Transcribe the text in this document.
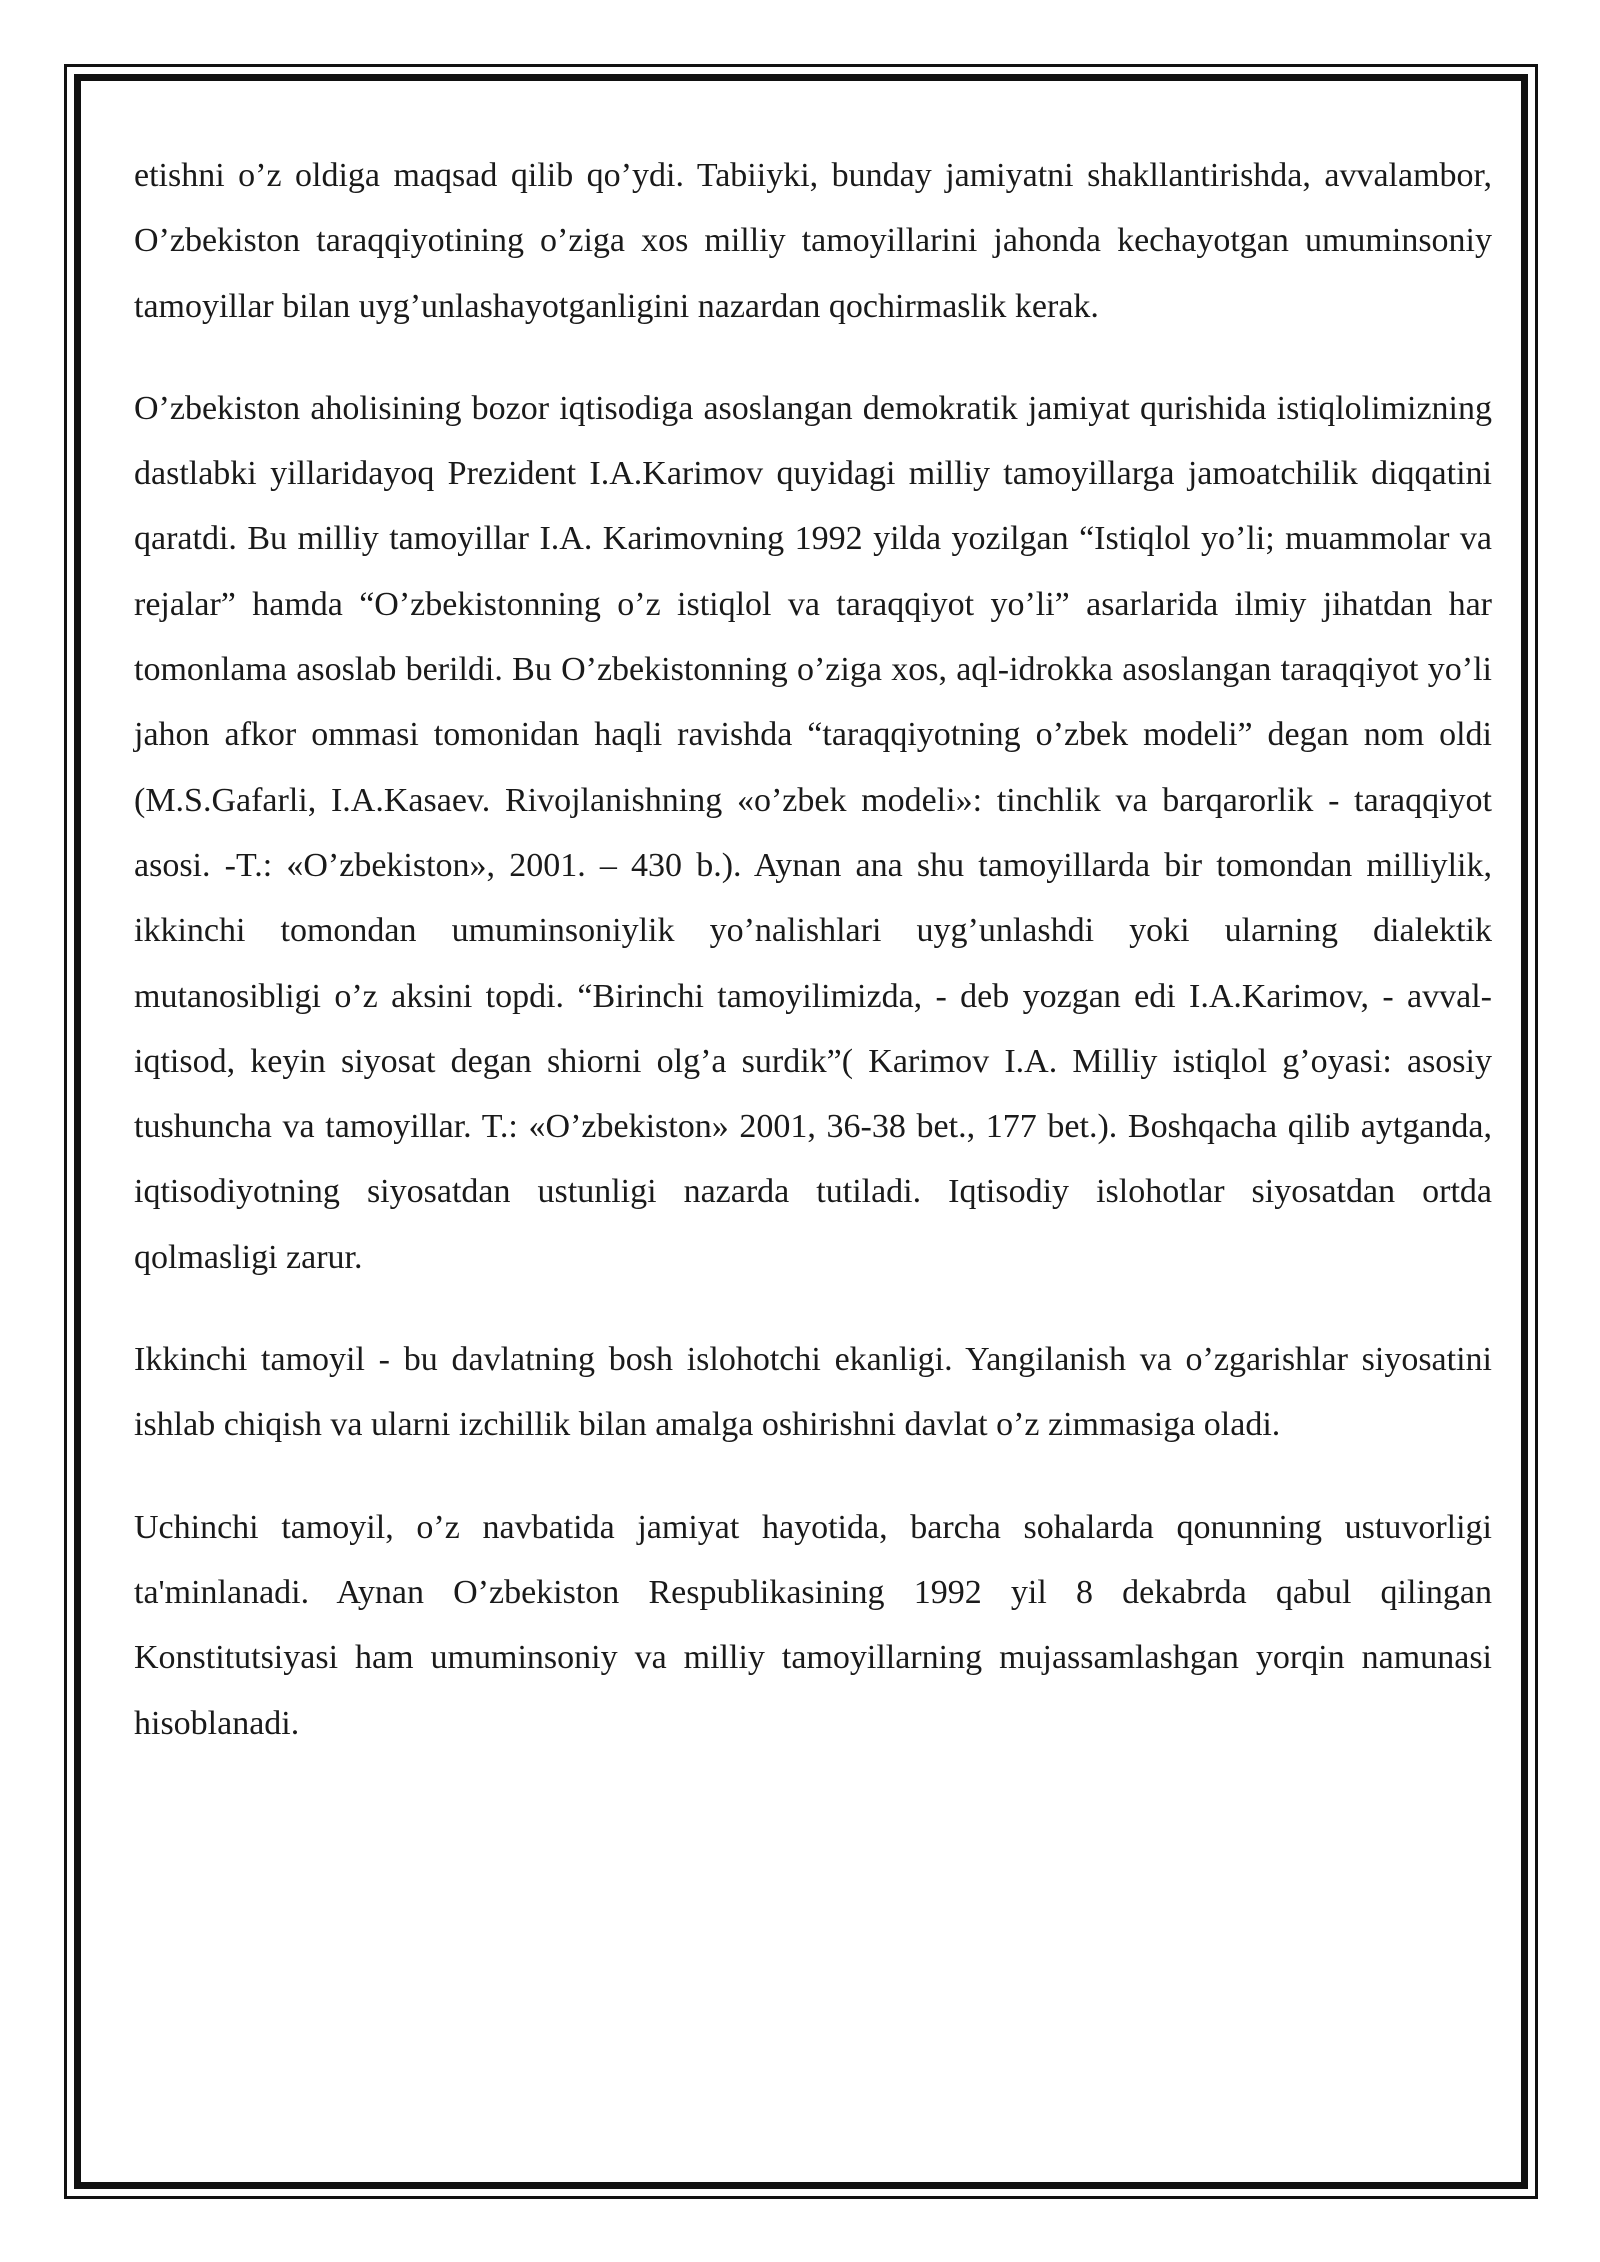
etishni o’z oldiga maqsad qilib qo’ydi. Tabiiyki, bunday jamiyatni shakllantirishda, avvalambor, O’zbekiston taraqqiyotining o’ziga xos milliy tamoyillarini jahonda kechayotgan umuminsoniy tamoyillar bilan uyg’unlashayotganligini nazardan qochirmaslik kerak.

O’zbekiston aholisining bozor iqtisodiga asoslangan demokratik jamiyat qurishida istiqlolimizning dastlabki yillaridayoq Prezident I.A.Karimov quyidagi milliy tamoyillarga jamoatchilik diqqatini qaratdi. Bu milliy tamoyillar I.A. Karimovning 1992 yilda yozilgan “Istiqlol yo’li; muammolar va rejalar” hamda “O’zbekistonning o’z istiqlol va taraqqiyot yo’li” asarlarida ilmiy jihatdan har tomonlama asoslab berildi. Bu O’zbekistonning o’ziga xos, aql-idrokka asoslangan taraqqiyot yo’li jahon afkor ommasi tomonidan haqli ravishda “taraqqiyotning o’zbek modeli” degan nom oldi (M.S.Gafarli, I.A.Kasaev. Rivojlanishning «o’zbek modeli»: tinchlik va barqarorlik - taraqqiyot asosi. -T.: «O’zbekiston», 2001. – 430 b.). Aynan ana shu tamoyillarda bir tomondan milliylik, ikkinchi tomondan umuminsoniylik yo’nalishlari uyg’unlashdi yoki ularning dialektik mutanosibligi o’z aksini topdi. “Birinchi tamoyilimizda, - deb yozgan edi I.A.Karimov, - avval-iqtisod, keyin siyosat degan shiorni olg’a surdik”( Karimov I.A. Milliy istiqlol g’oyasi: asosiy tushuncha va tamoyillar. T.: «O’zbekiston» 2001, 36-38 bet., 177 bet.). Boshqacha qilib aytganda, iqtisodiyotning siyosatdan ustunligi nazarda tutiladi. Iqtisodiy islohotlar siyosatdan ortda qolmasligi zarur.

Ikkinchi tamoyil - bu davlatning bosh islohotchi ekanligi. Yangilanish va o’zgarishlar siyosatini ishlab chiqish va ularni izchillik bilan amalga oshirishni davlat o’z zimmasiga oladi.

Uchinchi tamoyil, o’z navbatida jamiyat hayotida, barcha sohalarda qonunning ustuvorligi ta'minlanadi. Aynan O’zbekiston Respublikasining 1992 yil 8 dekabrda qabul qilingan Konstitutsiyasi ham umuminsoniy va milliy tamoyillarning mujassamlashgan yorqin namunasi hisoblanadi.
